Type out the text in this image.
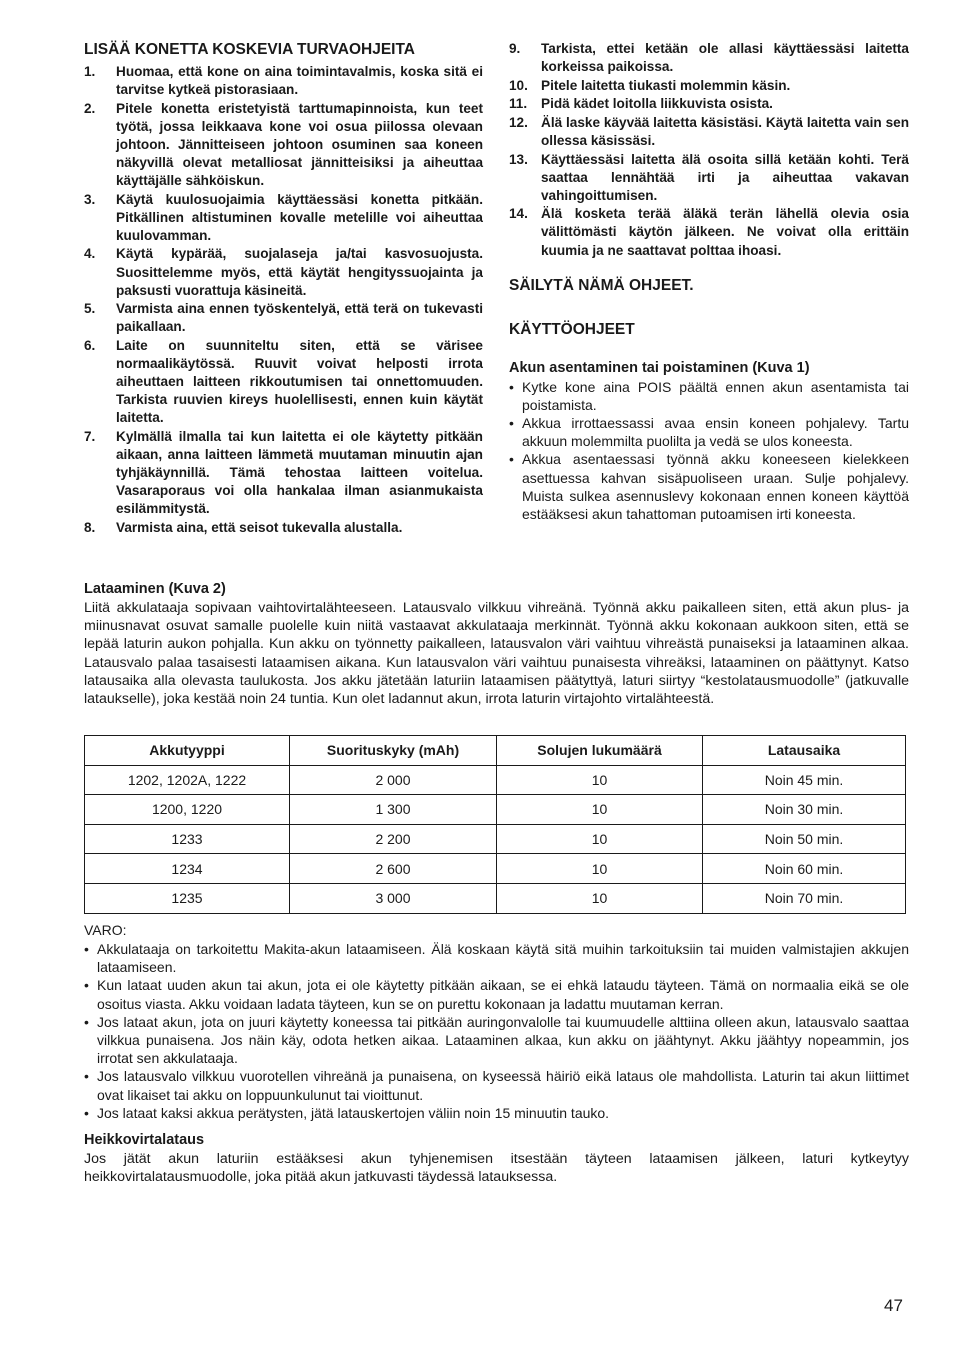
LISÄÄ KONETTA KOSKEVIA TURVAOHJEITA
1. Huomaa, että kone on aina toimintavalmis, koska sitä ei tarvitse kytkeä pistorasiaan.
2. Pitele konetta eristetyistä tarttumapinnoista, kun teet työtä, jossa leikkaava kone voi osua piilossa olevaan johtoon. Jännitteiseen johtoon osuminen saa koneen näkyvillä olevat metalliosat jännitteisiksi ja aiheuttaa käyttäjälle sähköiskun.
3. Käytä kuulosuojaimia käyttäessäsi konetta pitkään. Pitkällinen altistuminen kovalle metelille voi aiheuttaa kuulovamman.
4. Käytä kypärää, suojalaseja ja/tai kasvosuojusta. Suosittelemme myös, että käytät hengityssuojainta ja paksusti vuorattuja käsineitä.
5. Varmista aina ennen työskentelyä, että terä on tukevasti paikallaan.
6. Laite on suunniteltu siten, että se värisee normaalikäytössä. Ruuvit voivat helposti irrota aiheuttaen laitteen rikkoutumisen tai onnettomuuden. Tarkista ruuvien kireys huolellisesti, ennen kuin käytät laitetta.
7. Kylmällä ilmalla tai kun laitetta ei ole käytetty pitkään aikaan, anna laitteen lämmetä muutaman minuutin ajan tyhjäkäynnillä. Tämä tehostaa laitteen voitelua. Vasaraporaus voi olla hankalaa ilman asianmukaista esilämmitystä.
8. Varmista aina, että seisot tukevalla alustalla.
9. Tarkista, ettei ketään ole allasi käyttäessäsi laitetta korkeissa paikoissa.
10. Pitele laitetta tiukasti molemmin käsin.
11. Pidä kädet loitolla liikkuvista osista.
12. Älä laske käyvää laitetta käsistäsi. Käytä laitetta vain sen ollessa käsissäsi.
13. Käyttäessäsi laitetta älä osoita sillä ketään kohti. Terä saattaa lennähtää irti ja aiheuttaa vakavan vahingoittumisen.
14. Älä kosketa terää äläkä terän lähellä olevia osia välittömästi käytön jälkeen. Ne voivat olla erittäin kuumia ja ne saattavat polttaa ihoasi.
SÄILYTÄ NÄMÄ OHJEET.
KÄYTTÖOHJEET
Akun asentaminen tai poistaminen (Kuva 1)
• Kytke kone aina POIS päältä ennen akun asentamista tai poistamista.
• Akkua irrottaessassi avaa ensin koneen pohjalevy. Tartu akkuun molemmilta puolilta ja vedä se ulos koneesta.
• Akkua asentaessasi työnnä akku koneeseen kielekkeen asettuessa kahvan sisäpuoliseen uraan. Sulje pohjalevy. Muista sulkea asennuslevy kokonaan ennen koneen käyttöä estääksesi akun tahattoman putoamisen irti koneesta.
Lataaminen (Kuva 2)

Liitä akkulataaja sopivaan vaihtovirtalähteeseen. Latausvalo vilkkuu vihreänä. Työnnä akku paikalleen siten, että akun plus- ja miinusnavat osuvat samalle puolelle kuin niitä vastaavat akkulataaja merkinnät. Työnnä akku kokonaan aukkoon siten, että se lepää laturin aukon pohjalla. Kun akku on työnnetty paikalleen, latausvalon väri vaihtuu vihreästä punaiseksi ja lataaminen alkaa. Latausvalo palaa tasaisesti lataamisen aikana. Kun latausvalon väri vaihtuu punaisesta vihreäksi, lataaminen on päättynyt. Katso latausaika alla olevasta taulukosta. Jos akku jätetään laturiin lataamisen päätyttyä, laturi siirtyy “kestolatausmuodolle” (jatkuvalle lataukselle), joka kestää noin 24 tuntia. Kun olet ladannut akun, irrota laturin virtajohto virtalähteestä.

Akkutyyppi	Suorituskyky (mAh)	Solujen lukumäärä	Latausaika
1202, 1202A, 1222	2 000	10	Noin 45 min.
1200, 1220	1 300	10	Noin 30 min.
1233	2 200	10	Noin 50 min.
1234	2 600	10	Noin 60 min.
1235	3 000	10	Noin 70 min.
VARO:
• Akkulataaja on tarkoitettu Makita-akun lataamiseen. Älä koskaan käytä sitä muihin tarkoituksiin tai muiden valmistajien akkujen lataamiseen.
• Kun lataat uuden akun tai akun, jota ei ole käytetty pitkään aikaan, se ei ehkä lataudu täyteen. Tämä on normaalia eikä se ole osoitus viasta. Akku voidaan ladata täyteen, kun se on purettu kokonaan ja ladattu muutaman kerran.
• Jos lataat akun, jota on juuri käytetty koneessa tai pitkään auringonvalolle tai kuumuudelle alttiina olleen akun, latausvalo saattaa vilkkua punaisena. Jos näin käy, odota hetken aikaa. Lataaminen alkaa, kun akku on jäähtynyt. Akku jäähtyy nopeammin, jos irrotat sen akkulataaja.
• Jos latausvalo vilkkuu vuorotellen vihreänä ja punaisena, on kyseessä häiriö eikä lataus ole mahdollista. Laturin tai akun liittimet ovat likaiset tai akku on loppuunkulunut tai vioittunut.
• Jos lataat kaksi akkua perätysten, jätä latauskertojen väliin noin 15 minuutin tauko.
Heikkovirtalataus

Jos jätät akun laturiin estääksesi akun tyhjenemisen itsestään täyteen lataamisen jälkeen, laturi kytkeytyy heikkovirtalatausmuodolle, joka pitää akun jatkuvasti täydessä latauksessa.

47
